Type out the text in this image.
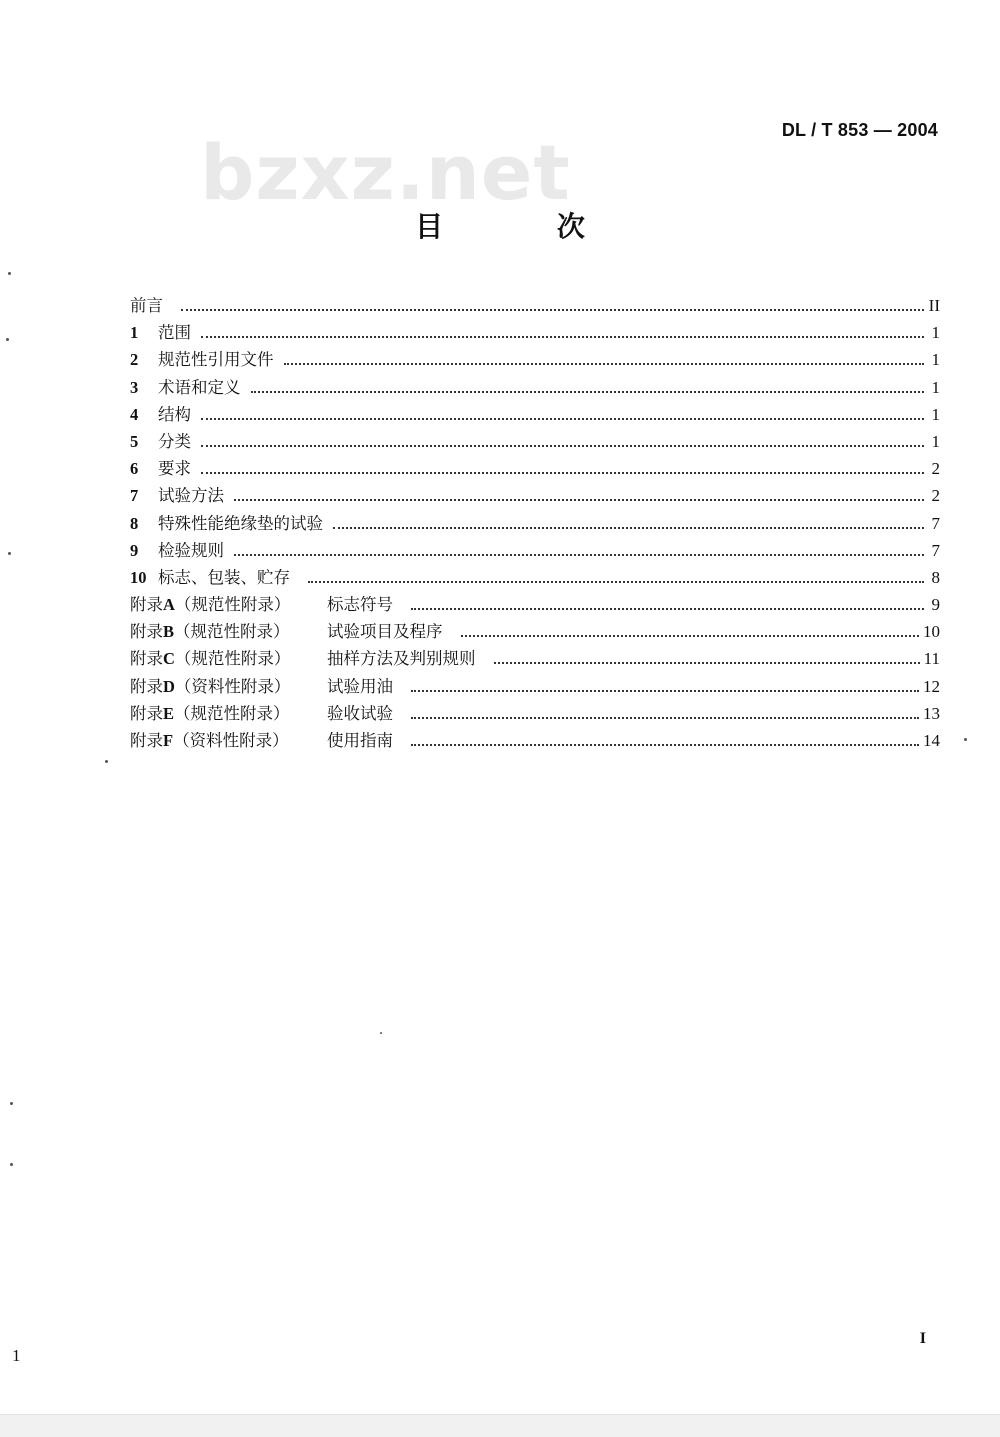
bzxz.net	DL / T 853 — 2004
目 次
前言	II
1	范围	1
2	规范性引用文件	1
3	术语和定义	1
4	结构	1
5	分类	1
6	要求	2
7	试验方法	2
8	特殊性能绝缘垫的试验	7
9	检验规则	7
10 标志、包装、贮存	8
附录A（规范性附录）	标志符号	9
附录B（规范性附录）	试验项目及程序	10
附录C（规范性附录）	抽样方法及判别规则	11
附录D（资料性附录）	试验用油	12
附录E（规范性附录）	验收试验	13
附录F（资料性附录）	使用指南	14
1
I
